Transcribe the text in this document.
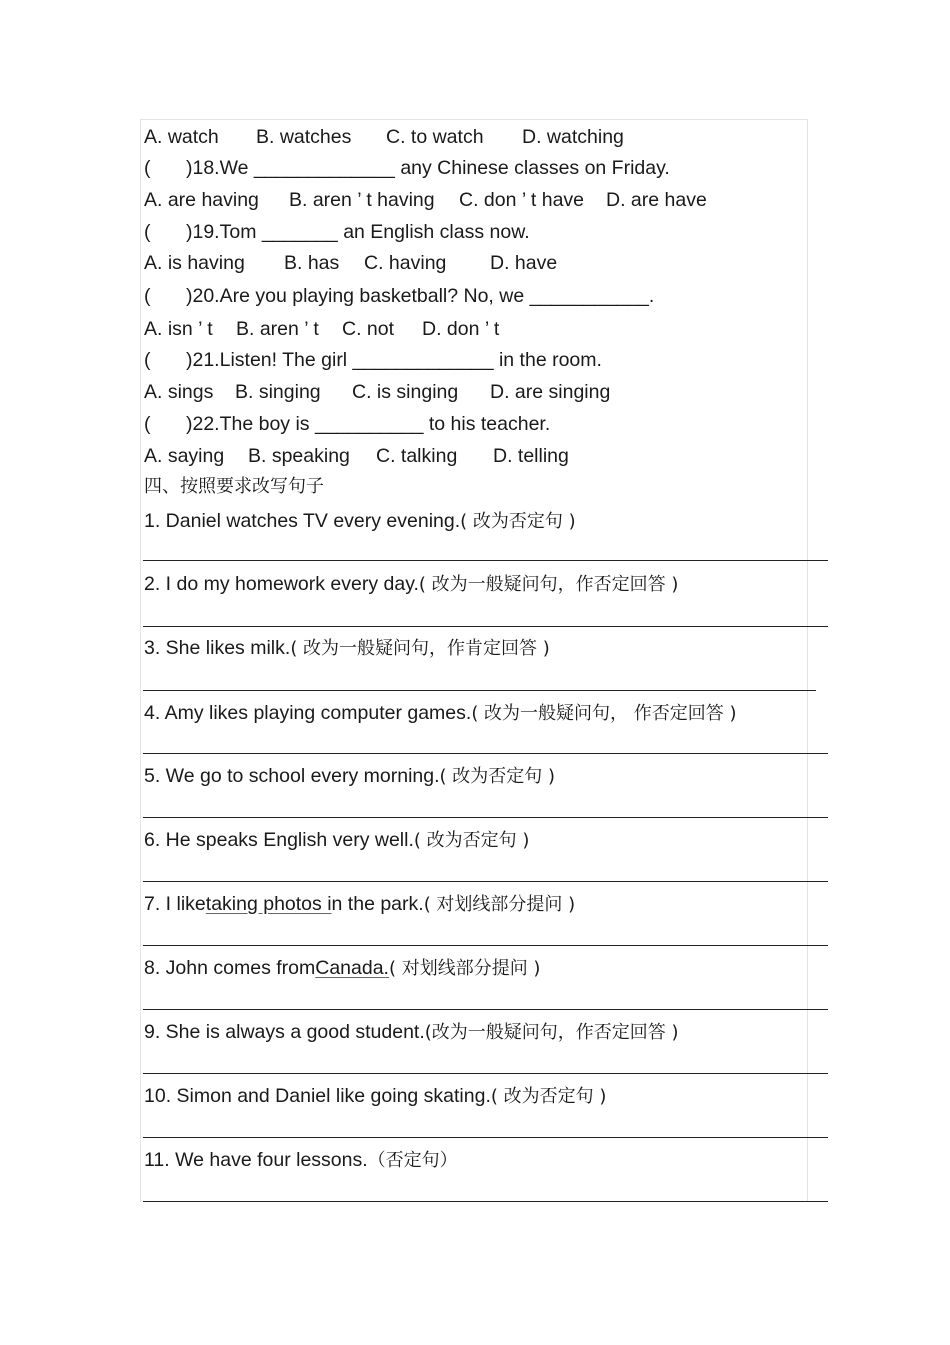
A. watch B. watches C. to watch D. watching
( )18.We _____________ any Chinese classes on Friday.
A. are having B. aren ’ t having C. don ’ t have D. are have
( )19.Tom _______ an English class now.
A. is having B. has C. having D. have
( )20.Are you playing basketball? No, we ___________.
A. isn ’ t B. aren ’ t C. not D. don ’ t
( )21.Listen! The girl _____________ in the room.
A. sings B. singing C. is singing D. are singing
( )22.The boy is __________ to his teacher.
A. saying B. speaking C. talking D. telling
四、按照要求改写句子
1. Daniel watches TV every evening.( 改为否定句 )
2. I do my homework every day.( 改为一般疑问句，作否定回答 )
3. She likes milk.( 改为一般疑问句，作肯定回答 )
4. Amy likes playing computer games.( 改为一般疑问句， 作否定回答 )
5. We go to school every morning.( 改为否定句 )
6. He speaks English very well.( 改为否定句 )
7. I liketaking photos in the park.( 对划线部分提问 )
8. John comes fromCanada.( 对划线部分提问 )
9. She is always a good student.(改为一般疑问句，作否定回答 )
10. Simon and Daniel like going skating.( 改为否定句 )
11. We have four lessons.（否定句）
